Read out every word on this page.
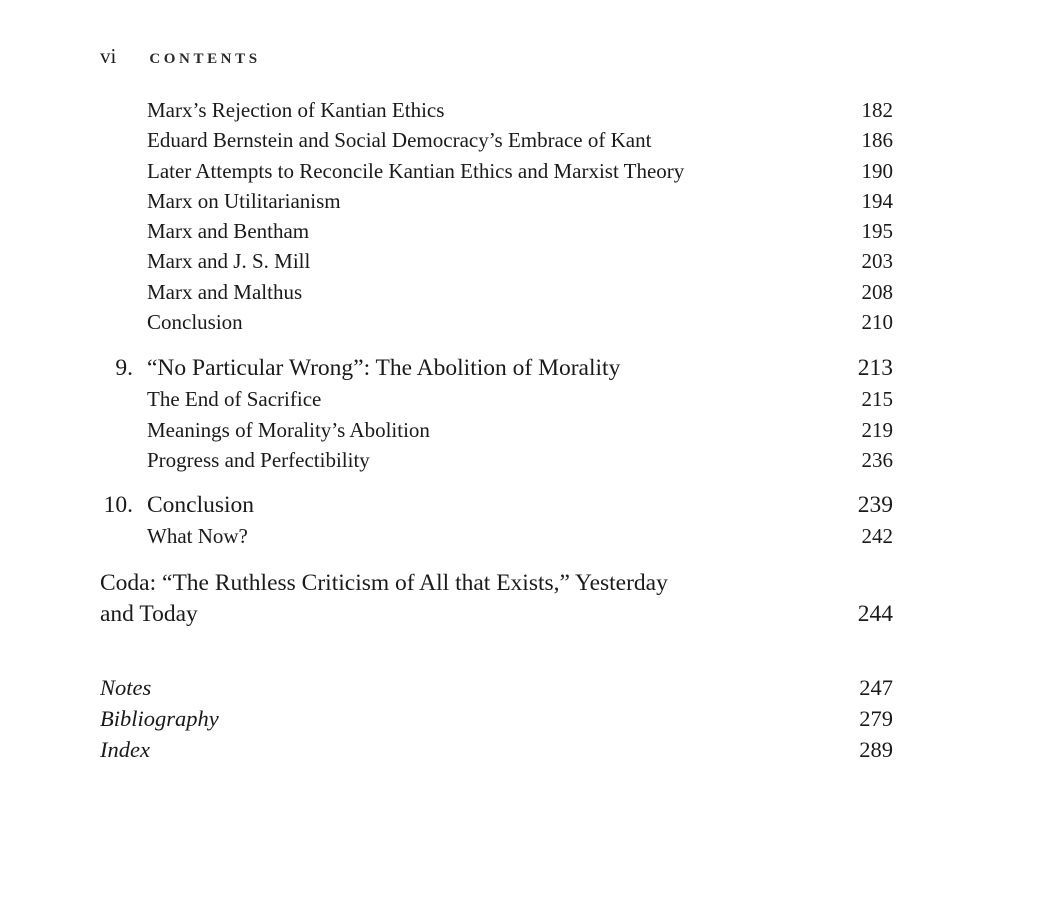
vi CONTENTS
Marx’s Rejection of Kantian Ethics	182
Eduard Bernstein and Social Democracy’s Embrace of Kant	186
Later Attempts to Reconcile Kantian Ethics and Marxist Theory	190
Marx on Utilitarianism	194
Marx and Bentham	195
Marx and J. S. Mill	203
Marx and Malthus	208
Conclusion	210
9. “No Particular Wrong”: The Abolition of Morality	213
The End of Sacrifice	215
Meanings of Morality’s Abolition	219
Progress and Perfectibility	236
10. Conclusion	239
What Now?	242
Coda: “The Ruthless Criticism of All that Exists,” Yesterday
and Today	244
Notes	247
Bibliography	279
Index	289
